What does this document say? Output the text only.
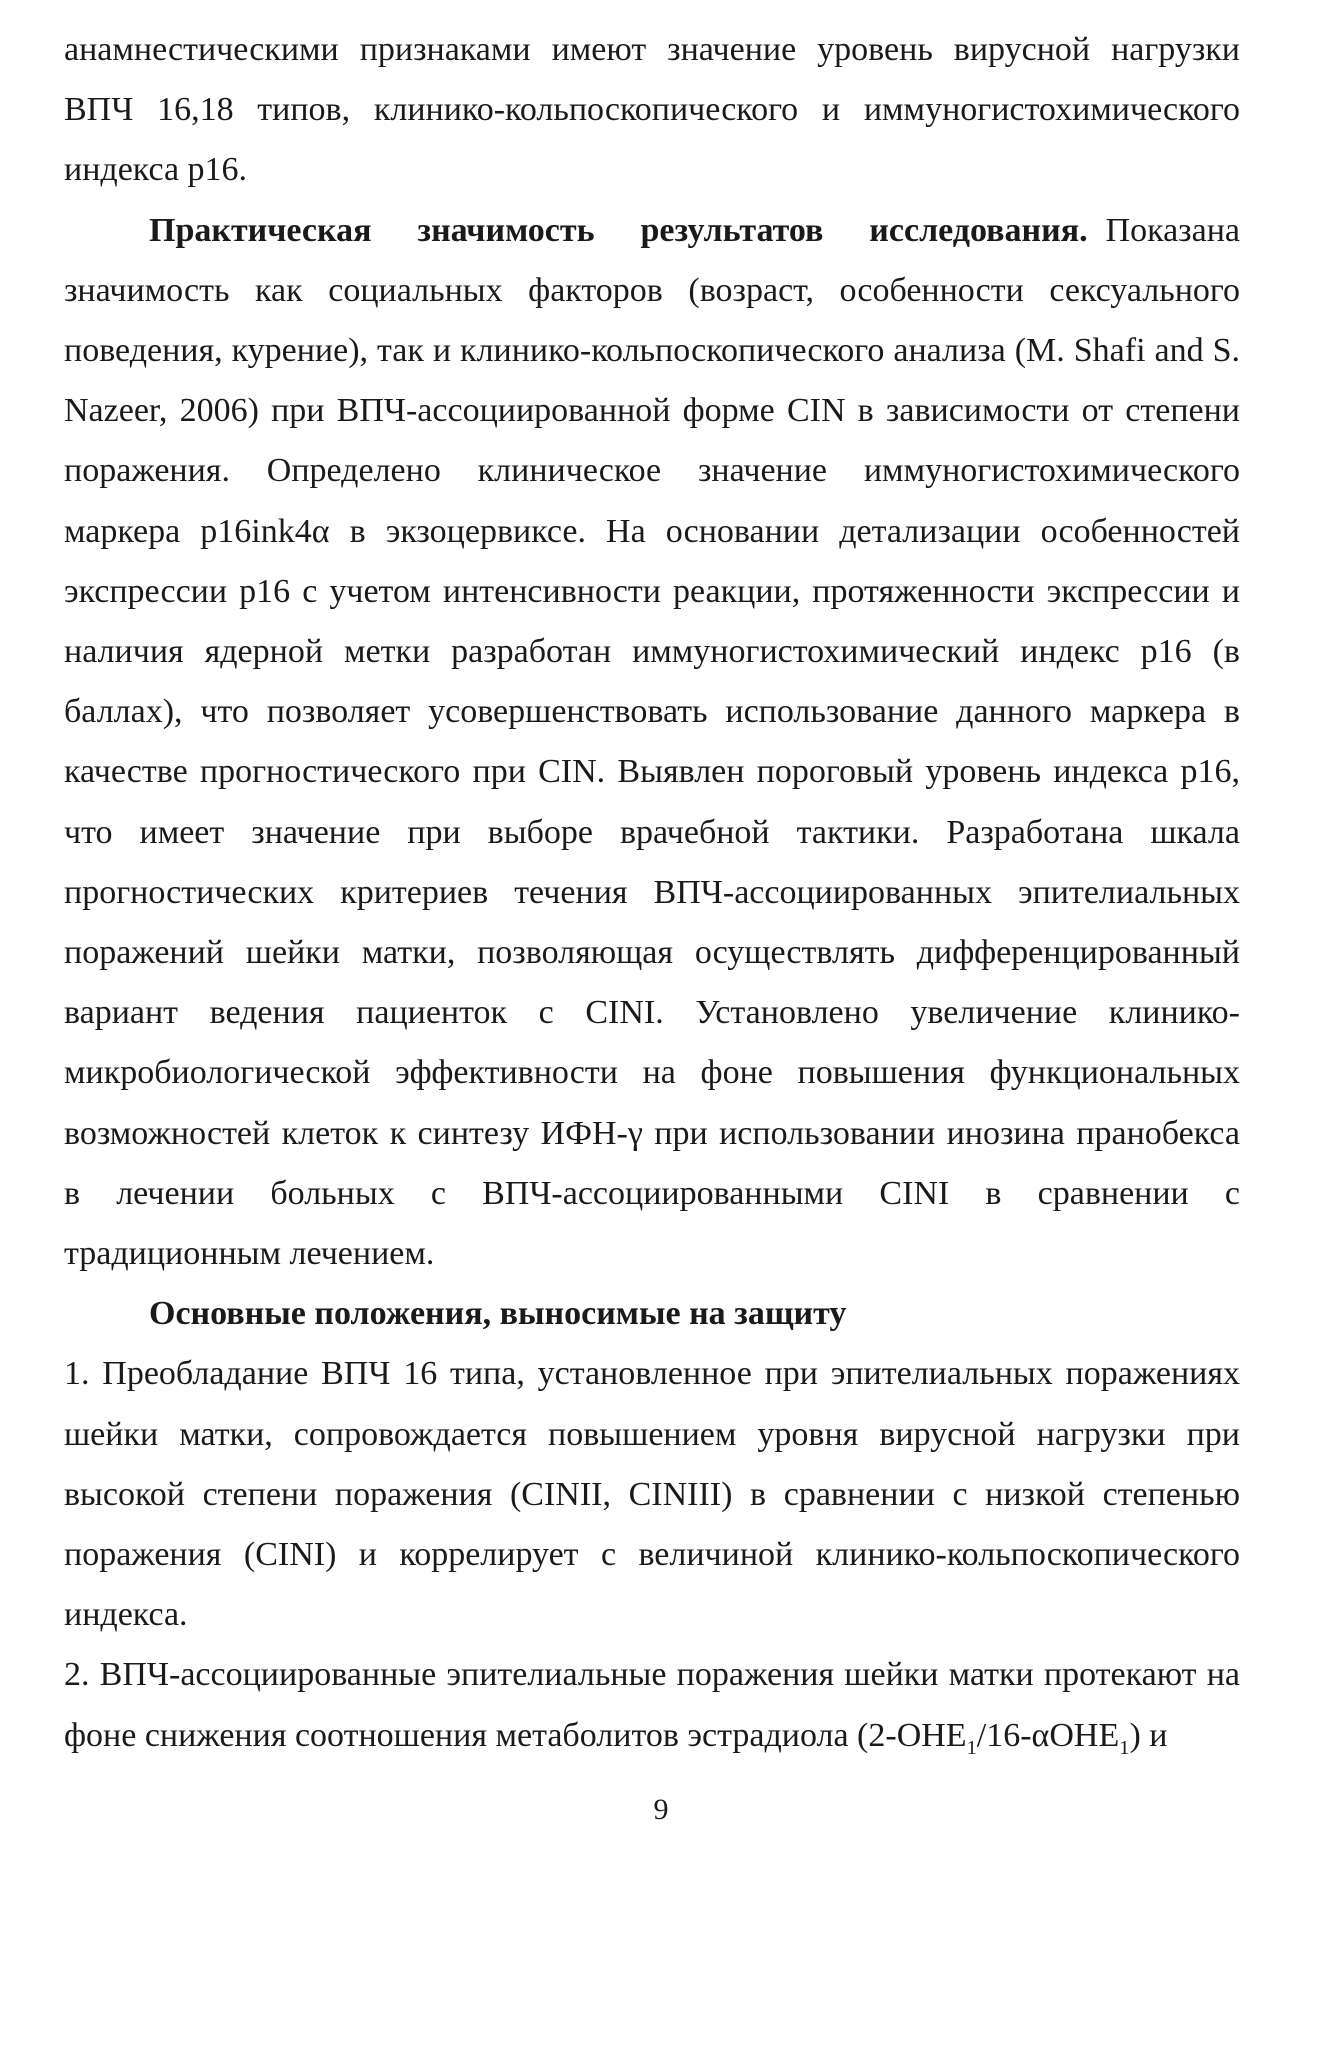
анамнестическими признаками имеют значение уровень вирусной нагрузки ВПЧ 16,18 типов, клинико-кольпоскопического и иммуногистохимического индекса p16.

Практическая значимость результатов исследования. Показана значимость как социальных факторов (возраст, особенности сексуального поведения, курение), так и клинико-кольпоскопического анализа (M. Shafi and S. Nazeer, 2006) при ВПЧ-ассоциированной форме CIN в зависимости от степени поражения. Определено клиническое значение иммуногистохимического маркера p16ink4α в экзоцервиксе. На основании детализации особенностей экспрессии p16 с учетом интенсивности реакции, протяженности экспрессии и наличия ядерной метки разработан иммуногистохимический индекс p16 (в баллах), что позволяет усовершенствовать использование данного маркера в качестве прогностического при CIN. Выявлен пороговый уровень индекса p16, что имеет значение при выборе врачебной тактики. Разработана шкала прогностических критериев течения ВПЧ-ассоциированных эпителиальных поражений шейки матки, позволяющая осуществлять дифференцированный вариант ведения пациенток с CINI. Установлено увеличение клинико-микробиологической эффективности на фоне повышения функциональных возможностей клеток к синтезу ИФН-γ при использовании инозина пранобекса в лечении больных с ВПЧ-ассоциированными CINI в сравнении с традиционным лечением.

Основные положения, выносимые на защиту

1. Преобладание ВПЧ 16 типа, установленное при эпителиальных поражениях шейки матки, сопровождается повышением уровня вирусной нагрузки при высокой степени поражения (CINII, CINIII) в сравнении с низкой степенью поражения (CINI) и коррелирует с величиной клинико-кольпоскопического индекса.

2. ВПЧ-ассоциированные эпителиальные поражения шейки матки протекают на фоне снижения соотношения метаболитов эстрадиола $(2-OHE_1/16-\alpha OHE_1)$ и

9
